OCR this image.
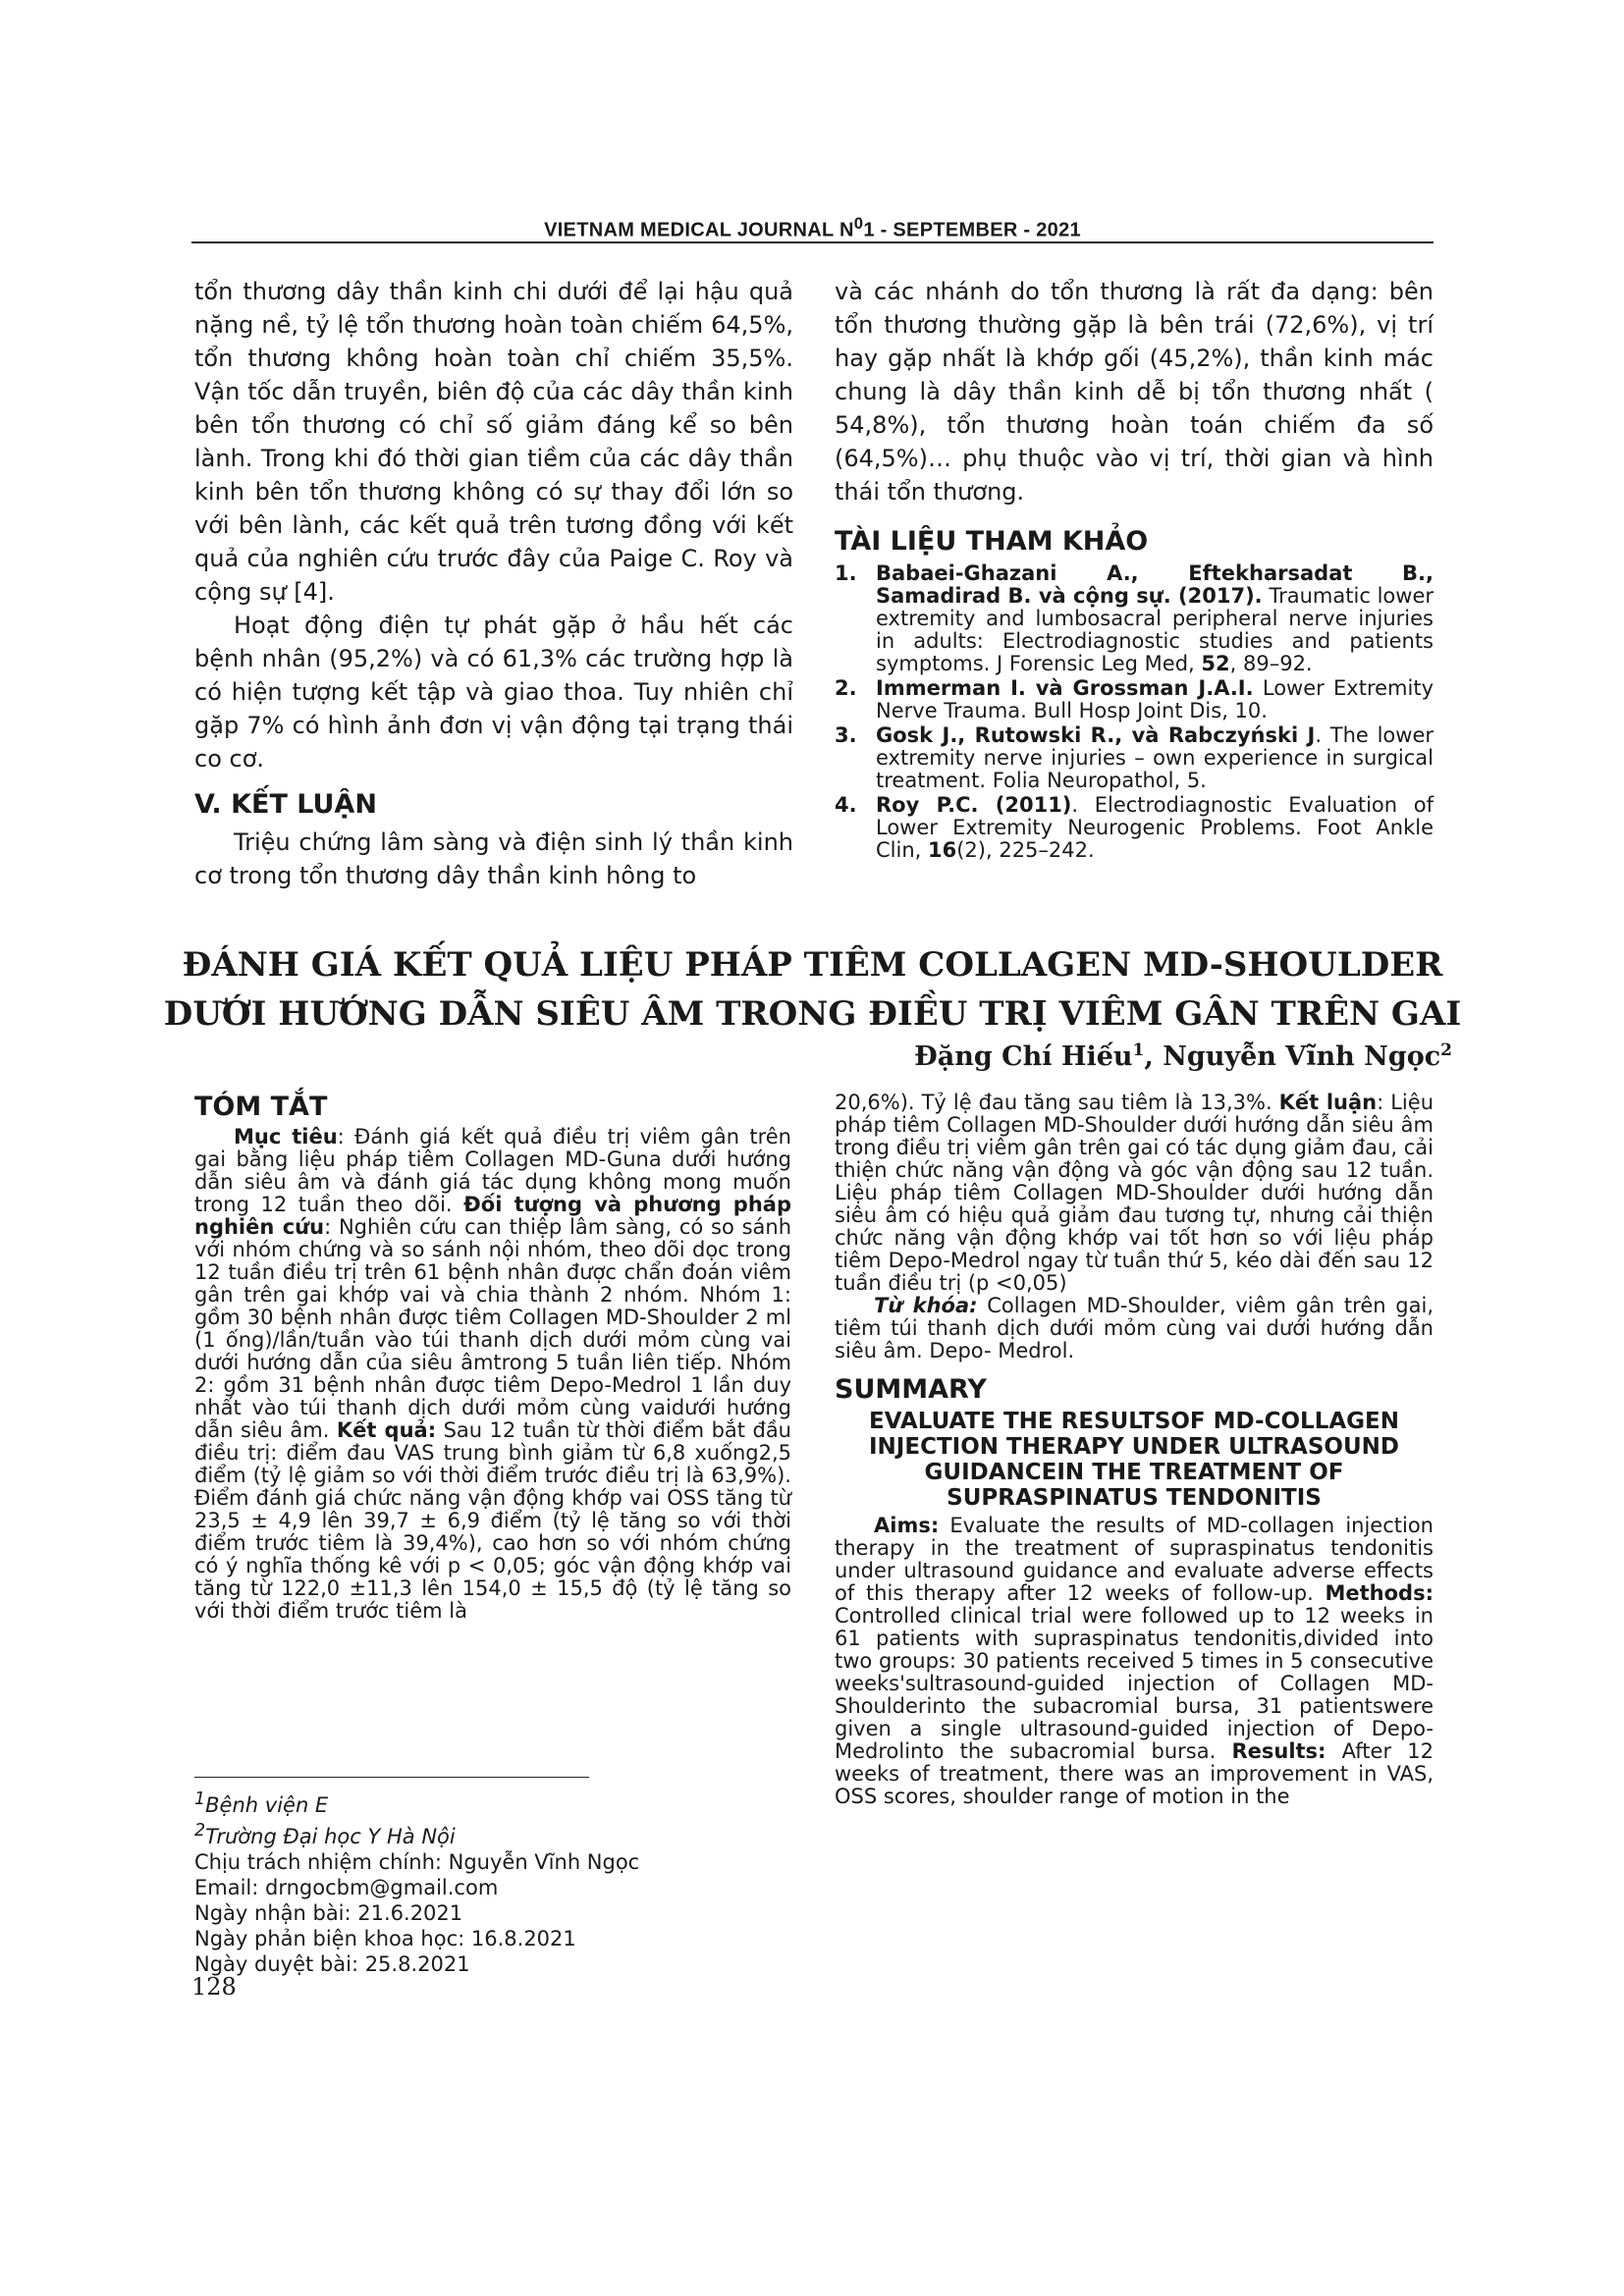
VIETNAM MEDICAL JOURNAL $N^01$ - SEPTEMBER - 2021

tổn thương dây thần kinh chi dưới để lại hậu quả nặng nề, tỷ lệ tổn thương hoàn toàn chiếm 64,5%, tổn thương không hoàn toàn chỉ chiếm 35,5%. Vận tốc dẫn truyền, biên độ của các dây thần kinh bên tổn thương có chỉ số giảm đáng kể so bên lành. Trong khi đó thời gian tiềm của các dây thần kinh bên tổn thương không có sự thay đổi lớn so với bên lành, các kết quả trên tương đồng với kết quả của nghiên cứu trước đây của Paige C. Roy và cộng sự [4].

Hoạt động điện tự phát gặp ở hầu hết các bệnh nhân (95,2%) và có 61,3% các trường hợp là có hiện tượng kết tập và giao thoa. Tuy nhiên chỉ gặp 7% có hình ảnh đơn vị vận động tại trạng thái co cơ.

V. KẾT LUẬN

Triệu chứng lâm sàng và điện sinh lý thần kinh cơ trong tổn thương dây thần kinh hông to

và các nhánh do tổn thương là rất đa dạng: bên tổn thương thường gặp là bên trái (72,6%), vị trí hay gặp nhất là khớp gối (45,2%), thần kinh mác chung là dây thần kinh dễ bị tổn thương nhất ( 54,8%), tổn thương hoàn toán chiếm đa số (64,5%)… phụ thuộc vào vị trí, thời gian và hình thái tổn thương.

TÀI LIỆU THAM KHẢO
1. Babaei-Ghazani A., Eftekharsadat B., Samadirad B. và cộng sự. (2017). Traumatic lower extremity and lumbosacral peripheral nerve injuries in adults: Electrodiagnostic studies and patients symptoms. J Forensic Leg Med, 52, 89–92.
2. Immerman I. và Grossman J.A.I. Lower Extremity Nerve Trauma. Bull Hosp Joint Dis, 10.
3. Gosk J., Rutowski R., và Rabczyński J. The lower extremity nerve injuries – own experience in surgical treatment. Folia Neuropathol, 5.
4. Roy P.C. (2011). Electrodiagnostic Evaluation of Lower Extremity Neurogenic Problems. Foot Ankle Clin, 16(2), 225–242.
ĐÁNH GIÁ KẾT QUẢ LIỆU PHÁP TIÊM COLLAGEN MD-SHOULDER
DƯỚI HƯỚNG DẪN SIÊU ÂM TRONG ĐIỀU TRỊ VIÊM GÂN TRÊN GAI
Đặng Chí Hiếu$^1$, Nguyễn Vĩnh Ngọc$^2$
TÓM TẮT

Mục tiêu: Đánh giá kết quả điều trị viêm gân trên gai bằng liệu pháp tiêm Collagen MD-Guna dưới hướng dẫn siêu âm và đánh giá tác dụng không mong muốn trong 12 tuần theo dõi. Đối tượng và phương pháp nghiên cứu: Nghiên cứu can thiệp lâm sàng, có so sánh với nhóm chứng và so sánh nội nhóm, theo dõi dọc trong 12 tuần điều trị trên 61 bệnh nhân được chẩn đoán viêm gân trên gai khớp vai và chia thành 2 nhóm. Nhóm 1: gồm 30 bệnh nhân được tiêm Collagen MD-Shoulder 2 ml (1 ống)/lần/tuần vào túi thanh dịch dưới mỏm cùng vai dưới hướng dẫn của siêu âmtrong 5 tuần liên tiếp. Nhóm 2: gồm 31 bệnh nhân được tiêm Depo-Medrol 1 lần duy nhất vào túi thanh dịch dưới mỏm cùng vaidưới hướng dẫn siêu âm. Kết quả: Sau 12 tuần từ thời điểm bắt đầu điều trị: điểm đau VAS trung bình giảm từ 6,8 xuống2,5 điểm (tỷ lệ giảm so với thời điểm trước điều trị là 63,9%). Điểm đánh giá chức năng vận động khớp vai OSS tăng từ 23,5 ± 4,9 lên 39,7 ± 6,9 điểm (tỷ lệ tăng so với thời điểm trước tiêm là 39,4%), cao hơn so với nhóm chứng có ý nghĩa thống kê với p < 0,05; góc vận động khớp vai tăng từ 122,0 ±11,3 lên 154,0 ± 15,5 độ (tỷ lệ tăng so với thời điểm trước tiêm là

20,6%). Tỷ lệ đau tăng sau tiêm là 13,3%. Kết luận: Liệu pháp tiêm Collagen MD-Shoulder dưới hướng dẫn siêu âm trong điều trị viêm gân trên gai có tác dụng giảm đau, cải thiện chức năng vận động và góc vận động sau 12 tuần. Liệu pháp tiêm Collagen MD-Shoulder dưới hướng dẫn siêu âm có hiệu quả giảm đau tương tự, nhưng cải thiện chức năng vận động khớp vai tốt hơn so với liệu pháp tiêm Depo-Medrol ngay từ tuần thứ 5, kéo dài đến sau 12 tuần điều trị (p <0,05)

Từ khóa: Collagen MD-Shoulder, viêm gân trên gai, tiêm túi thanh dịch dưới mỏm cùng vai dưới hướng dẫn siêu âm. Depo- Medrol.

SUMMARY
EVALUATE THE RESULTSOF MD-COLLAGEN INJECTION THERAPY UNDER ULTRASOUND GUIDANCEIN THE TREATMENT OF SUPRASPINATUS TENDONITIS

Aims: Evaluate the results of MD-collagen injection therapy in the treatment of supraspinatus tendonitis under ultrasound guidance and evaluate adverse effects of this therapy after 12 weeks of follow-up. Methods: Controlled clinical trial were followed up to 12 weeks in 61 patients with supraspinatus tendonitis,divided into two groups: 30 patients received 5 times in 5 consecutive weeks'sultrasound-guided injection of Collagen MD-Shoulderinto the subacromial bursa, 31 patientswere given a single ultrasound-guided injection of Depo-Medrolinto the subacromial bursa. Results: After 12 weeks of treatment, there was an improvement in VAS, OSS scores, shoulder range of motion in the

$^1$Bệnh viện E
$^2$Trường Đại học Y Hà Nội
Chịu trách nhiệm chính: Nguyễn Vĩnh Ngọc
Email: drngocbm@gmail.com
Ngày nhận bài: 21.6.2021
Ngày phản biện khoa học: 16.8.2021
Ngày duyệt bài: 25.8.2021
128
